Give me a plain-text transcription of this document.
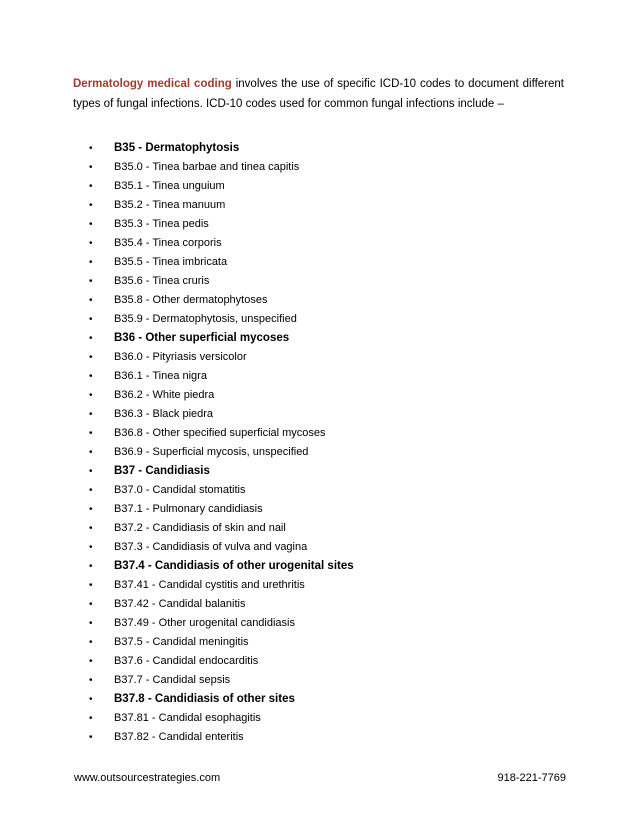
Dermatology medical coding involves the use of specific ICD-10 codes to document different types of fungal infections. ICD-10 codes used for common fungal infections include –

•	B35 - Dermatophytosis
•	B35.0 - Tinea barbae and tinea capitis
•	B35.1 - Tinea unguium
•	B35.2 - Tinea manuum
•	B35.3 - Tinea pedis
•	B35.4 - Tinea corporis
•	B35.5 - Tinea imbricata
•	B35.6 - Tinea cruris
•	B35.8 - Other dermatophytoses
•	B35.9 - Dermatophytosis, unspecified
•	B36 - Other superficial mycoses
•	B36.0 - Pityriasis versicolor
•	B36.1 - Tinea nigra
•	B36.2 - White piedra
•	B36.3 - Black piedra
•	B36.8 - Other specified superficial mycoses
•	B36.9 - Superficial mycosis, unspecified
•	B37 - Candidiasis
•	B37.0 - Candidal stomatitis
•	B37.1 - Pulmonary candidiasis
•	B37.2 - Candidiasis of skin and nail
•	B37.3 - Candidiasis of vulva and vagina
•	B37.4 - Candidiasis of other urogenital sites
•	B37.41 - Candidal cystitis and urethritis
•	B37.42 - Candidal balanitis
•	B37.49 - Other urogenital candidiasis
•	B37.5 - Candidal meningitis
•	B37.6 - Candidal endocarditis
•	B37.7 - Candidal sepsis
•	B37.8 - Candidiasis of other sites
•	B37.81 - Candidal esophagitis
•	B37.82 - Candidal enteritis
www.outsourcestrategies.com	918-221-7769
